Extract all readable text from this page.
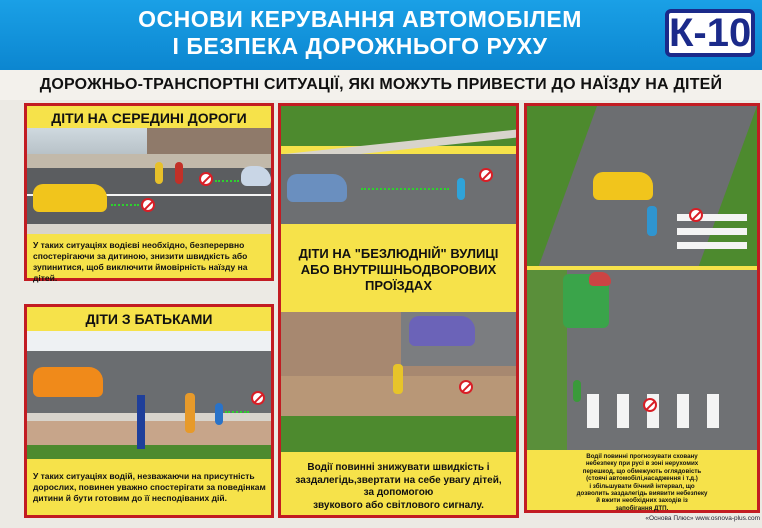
ОСНОВИ КЕРУВАННЯ АВТОМОБІЛЕМ
І БЕЗПЕКА ДОРОЖНЬОГО РУХУ	К-10
ДОРОЖНЬО-ТРАНСПОРТНІ СИТУАЦІЇ, ЯКІ МОЖУТЬ ПРИВЕСТИ ДО НАЇЗДУ НА ДІТЕЙ
ДІТИ НА СЕРЕДИНІ ДОРОГИ
У таких ситуаціях водієві необхідно, безперервно спостерігаючи за дитиною, знизити швидкість або зупинитися, щоб виключити ймовірність наїзду на дітей.
ДІТИ З БАТЬКАМИ
У таких ситуаціях водій, незважаючи на присутність дорослих, повинен уважно спостерігати за поведінкам дитини й бути готовим до її несподіваних дій.
ДІТИ НА "БЕЗЛЮДНІЙ" ВУЛИЦІ
АБО ВНУТРІШНЬОДВОРОВИХ
ПРОЇЗДАХ
Водії повинні знижувати швидкість і
заздалегідь,звертати на себе увагу дітей,
за допомогою
звукового або світлового сигналу.
Водії повинні прогнозувати сховану
небезпеку при русі в зоні нерухомих
перешкод, що обмежують оглядовість
(стоячі автомобілі,насадження і т.д.)
і збільшувати бічний інтервал, що
дозволить заздалегідь виявити небезпеку
й вжити необхідних заходів із
запобігання ДТП.
«Основа Плюс» www.osnova-plus.com
